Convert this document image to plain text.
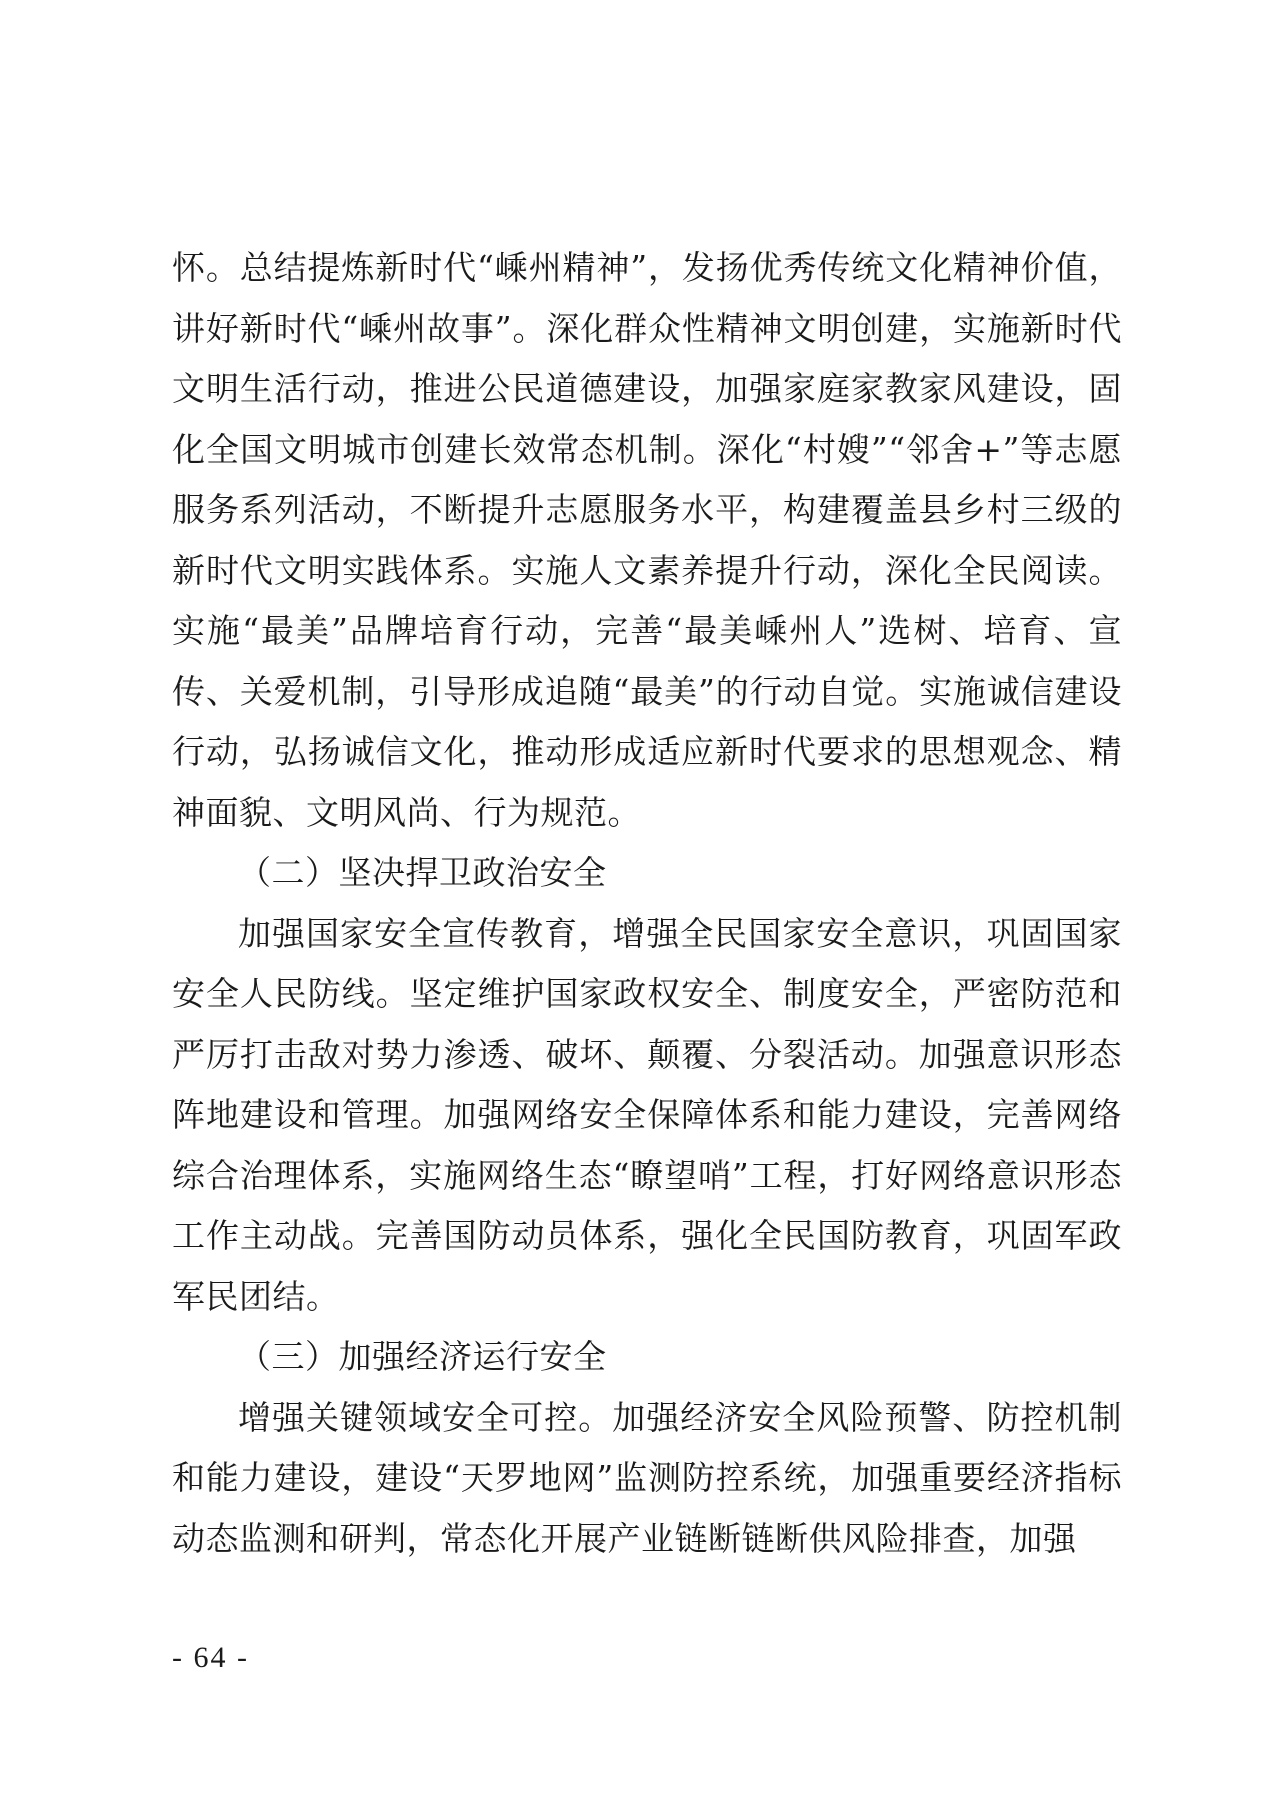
怀。总结提炼新时代“嵊州精神”，发扬优秀传统文化精神价值，讲好新时代“嵊州故事”。深化群众性精神文明创建，实施新时代文明生活行动，推进公民道德建设，加强家庭家教家风建设，固化全国文明城市创建长效常态机制。深化“村嫂”“邻舍+”等志愿服务系列活动，不断提升志愿服务水平，构建覆盖县乡村三级的新时代文明实践体系。实施人文素养提升行动，深化全民阅读。实施“最美”品牌培育行动，完善“最美嵊州人”选树、培育、宣传、关爱机制，引导形成追随“最美”的行动自觉。实施诚信建设行动，弘扬诚信文化，推动形成适应新时代要求的思想观念、精神面貌、文明风尚、行为规范。

（二）坚决捍卫政治安全

加强国家安全宣传教育，增强全民国家安全意识，巩固国家安全人民防线。坚定维护国家政权安全、制度安全，严密防范和严厉打击敌对势力渗透、破坏、颠覆、分裂活动。加强意识形态阵地建设和管理。加强网络安全保障体系和能力建设，完善网络综合治理体系，实施网络生态“瞭望哨”工程，打好网络意识形态工作主动战。完善国防动员体系，强化全民国防教育，巩固军政军民团结。

（三）加强经济运行安全

增强关键领域安全可控。加强经济安全风险预警、防控机制和能力建设，建设“天罗地网”监测防控系统，加强重要经济指标动态监测和研判，常态化开展产业链断链断供风险排查，加强

- 64 -
